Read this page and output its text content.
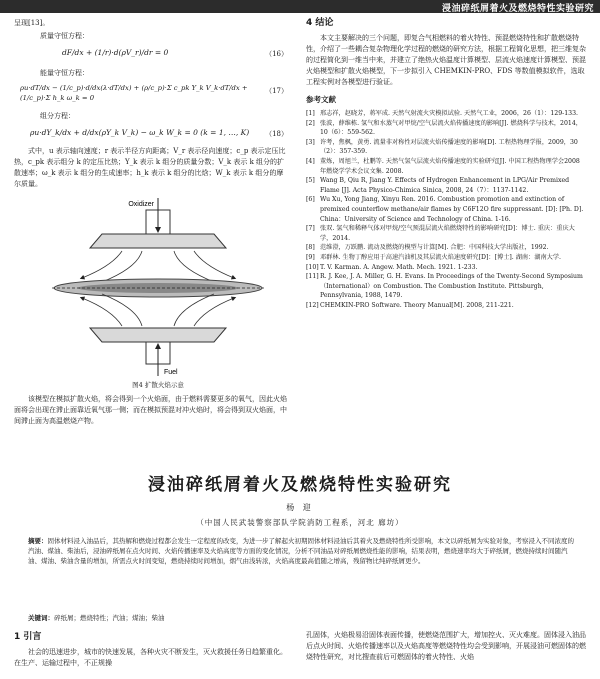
浸油碎纸屑着火及燃烧特性实验研究

呈现[13]。

质量守恒方程：

dF/dx + (1/r)·d(ρV_r)/dr = 0	（16）

能量守恒方程：

ρu·dT/dx − (1/c_p)·d/dx(λ·dT/dx) + (ρ/c_p)·Σ c_pk Y_k V_k·dT/dx + (1/c_p)·Σ h_k ω_k = 0
（17）

组分方程：

ρu·dY_k/dx + d/dx(ρY_k V_k) − ω_k W_k = 0 (k = 1, …, K) （18）

式中，u 表示轴向速度；r 表示半径方向距离；V_r 表示径向速度；c_p 表示定压比热，c_pk 表示组分 k 的定压比热；Y_k 表示 k 组分的质量分数；V_k 表示 k 组分的扩散速率；ω_k 表示 k 组分的生成速率；h_k 表示 k 组分的比焓；W_k 表示 k 组分的摩尔质量。

Oxidizer
Fuel
图4 扩散火焰示意

该模型在模拟扩散火焰，将会得到一个火焰面，由于燃料需要更多的氧气，因此火焰面将会出现在滞止面靠近氧气那一侧；而在模拟预混对冲火焰时，将会得到双火焰面，中间滞止面为高温燃烧产物。

4 结论

本文主要解决的三个问题，即复合气相燃料的着火特性、预混燃烧特性和扩散燃烧特性，介绍了一些耦合复杂物理化学过程的燃烧的研究方法，根据工程简化思想，把三维复杂的过程简化到一维当中来，并建立了绝热火焰温度计算模型、层流火焰速度计算模型、预混火焰模型和扩散火焰模型，下一步拟引入 CHEMKIN-PRO、FDS 等数值模拟软件，选取工程实例对各模型进行验证。

参考文献

[1] 邢志祥，赵晓芳，蒋军成. 天然气射流火灾模拟试验. 天然气工业，2006，26（1）：129-133.
[2] 张波，薛维栋. 氢气和水蒸气对甲烷/空气层流火焰传播速度的影响[J]. 燃烧科学与技术，2014，10（6）：559-562.
[3] 许考，焦枫，黄勇. 流量非对称性对层流火焰传播速度的影响[D]. 工程热物理学报，2009，30（2）：357-359.
[4] 董炼，周旭兰，杜鹏等. 天然气氢气层流火焰传播速度的实验研究[J]. 中国工程热物理学会2008年燃烧学学术会议文集. 2008.
[5] Wang B, Qiu R, Jiang Y. Effects of Hydrogen Enhancement in LPG/Air Premixed Flame [J]. Acta Physico-Chimica Sinica, 2008, 24（7）：1137-1142.
[6] Wu Xu, Yong Jiang, Xinyu Ren. 2016. Combustion promotion and extinction of premixed counterflow methane/air flames by C6F12O fire suppressant. [D]: [Ph. D]. China：University of Science and Technology of China. 1-16.
[7] 张双. 氢气和稀释气体对甲烷/空气预混层流火焰燃烧特性的影响研究[D]：博士. 重庆：重庆大学，2014.
[8] 范维澄，万跃鹏. 流动及燃烧的模型与计算[M]. 合肥：中国科技大学出版社，1992.
[9] 邓群林. 生物丁醇应用于高速汽油机及其层流火焰速度研究[D]：[博士]. 湖南：湖南大学.
[10] T. V. Karman. A. Angew. Math. Mech. 1921. 1-233.
[11] R. J. Kee, J. A. Miller, G. H. Evans. In Proceedings of the Twenty-Second Symposium（International）on Combustion. The Combustion Institute. Pittsburgh, Pennsylvania, 1988, 1479.
[12] CHEMKIN-PRO Software. Theory Manual[M]. 2008, 211-221.
浸油碎纸屑着火及燃烧特性实验研究
杨 迎
（中国人民武装警察部队学院消防工程系，河北 廊坊）
摘要：固体材料浸入油品后，其热解和燃烧过程都会发生一定程度的改变，为进一步了解起火初期固体材料浸油后其着火及燃烧特性所受影响，本文以碎纸屑为实验对象，考察浸入不同浓度的汽油、煤油、柴油后，浸油碎纸屑在点火时间、火焰传播速率及火焰高度等方面的变化情况，分析不同油品对碎纸屑燃烧性能的影响，结果表明，燃烧速率均大于碎纸屑，燃烧持续时间随汽油、煤油、柴油含量的增加，所需点火时间变短，燃烧持续时间增加，烟气由浅转浓，火焰高度最高值随之增高，残留物比纯碎纸屑更少。
关键词：碎纸屑；燃烧特性；汽油；煤油；柴油
1 引言

社会的迅速进步，城市的快速发展，各种火灾不断发生，灭火救援任务日趋繁重化。在生产、运输过程中，不正规操

孔固体，火焰极易沿固体表面传播，使燃烧范围扩大，增加控火、灭火难度。固体浸入油品后点火时间、火焰传播速率以及火焰高度等燃烧特性均会受到影响，开展浸油可燃固体的燃烧特性研究，对比搜查前后可燃固体的着火特性、火焰
